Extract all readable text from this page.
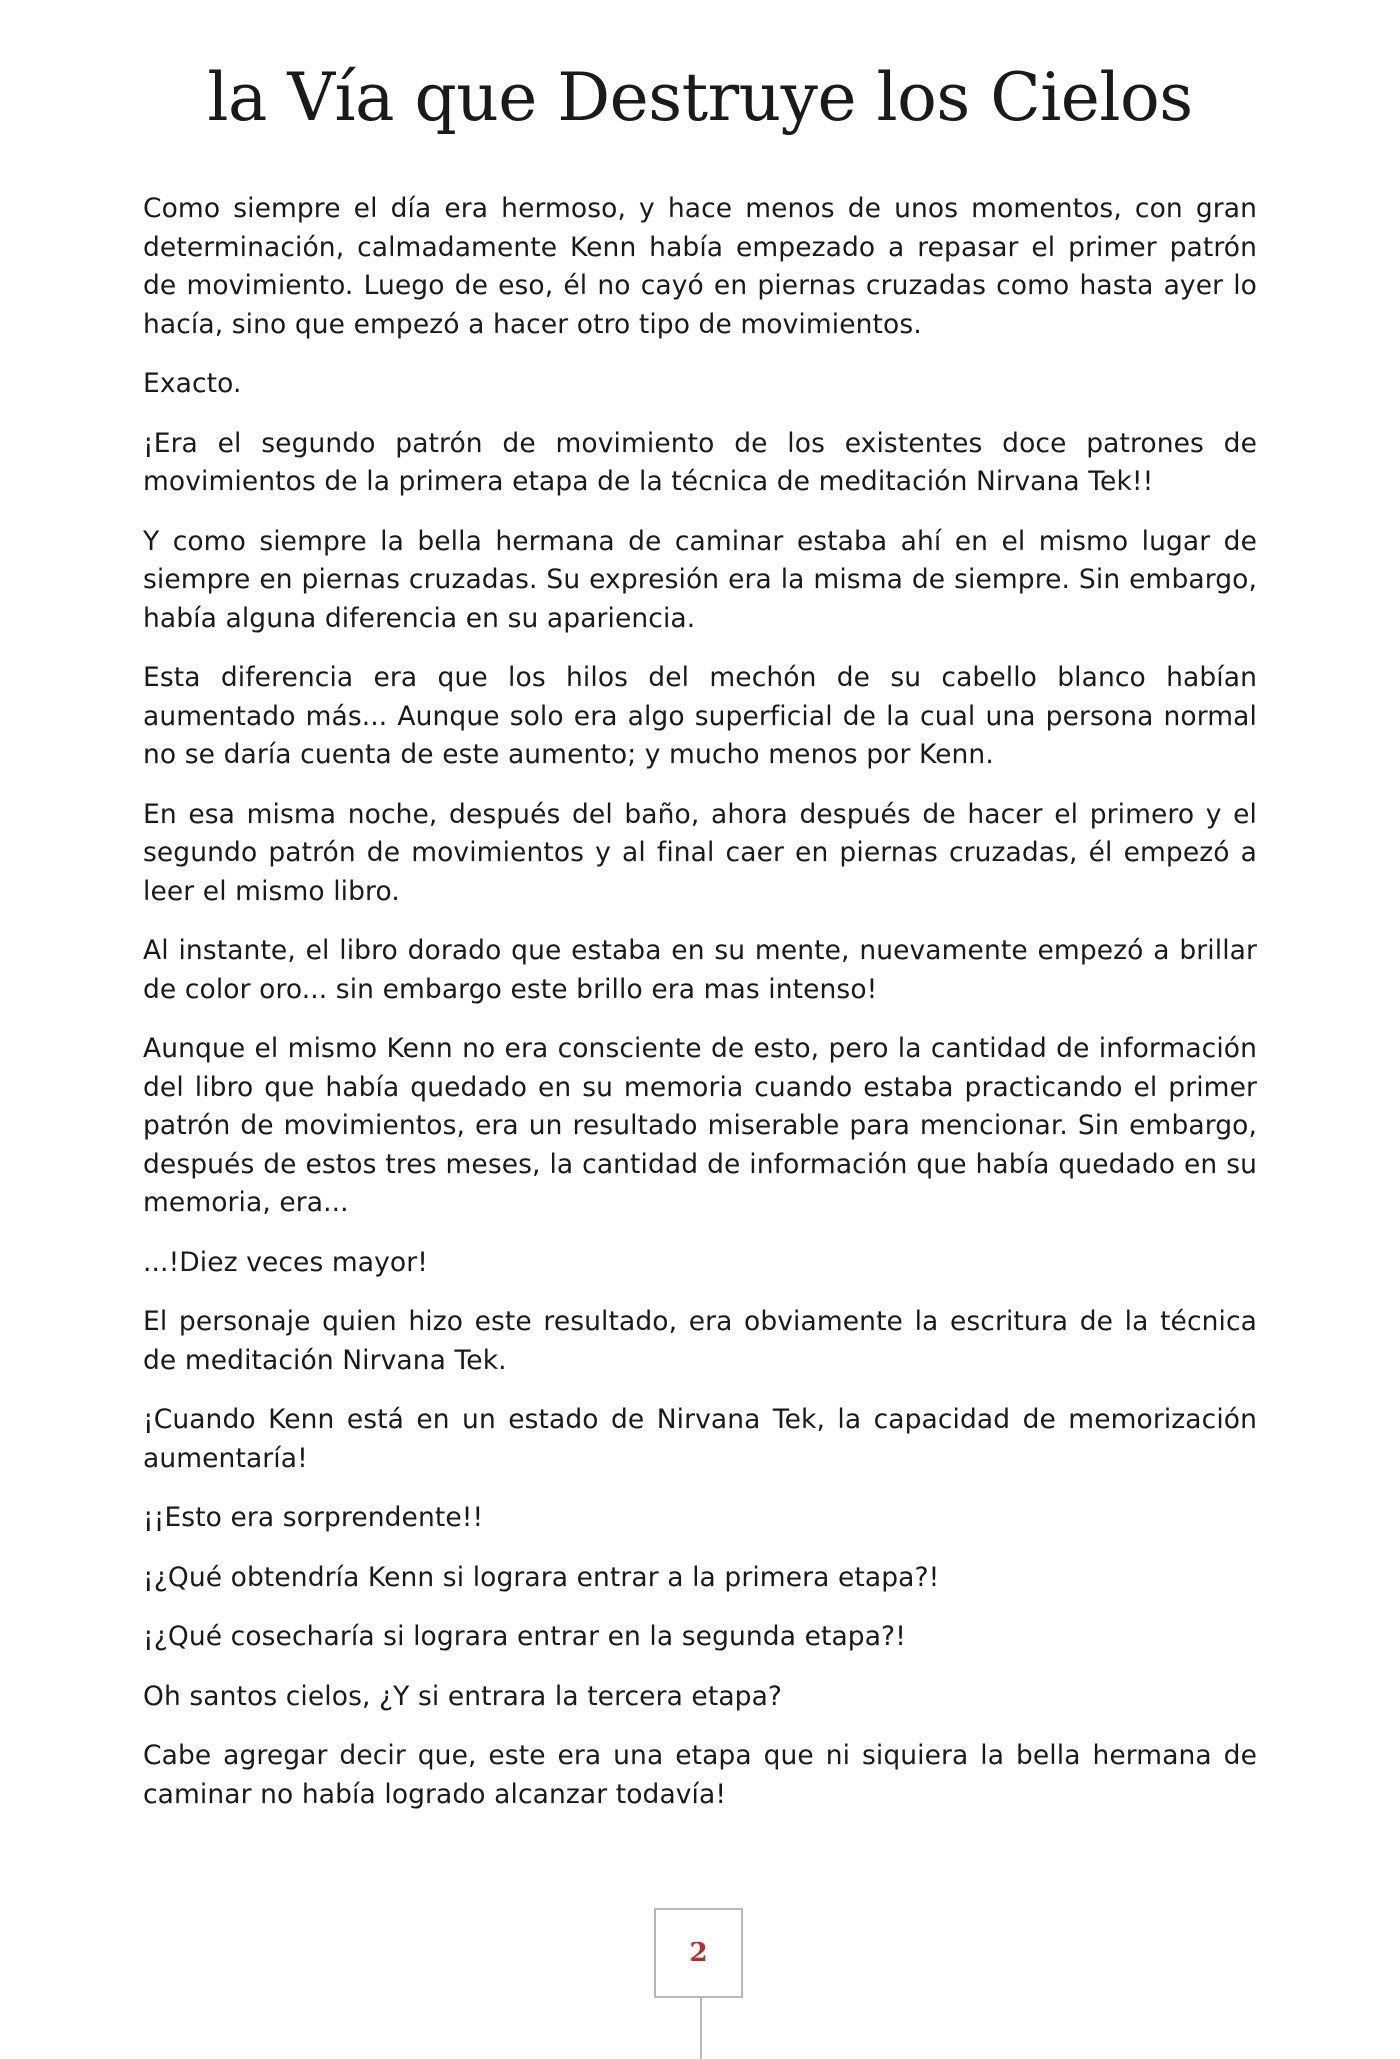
la Vía que Destruye los Cielos

Como siempre el día era hermoso, y hace menos de unos momentos, con gran determinación, calmadamente Kenn había empezado a repasar el primer patrón de movimiento. Luego de eso, él no cayó en piernas cruzadas como hasta ayer lo hacía, sino que empezó a hacer otro tipo de movimientos.

Exacto.

¡Era el segundo patrón de movimiento de los existentes doce patrones de movimientos de la primera etapa de la técnica de meditación Nirvana Tek!!

Y como siempre la bella hermana de caminar estaba ahí en el mismo lugar de siempre en piernas cruzadas. Su expresión era la misma de siempre. Sin embargo, había alguna diferencia en su apariencia.

Esta diferencia era que los hilos del mechón de su cabello blanco habían aumentado más... Aunque solo era algo superficial de la cual una persona normal no se daría cuenta de este aumento; y mucho menos por Kenn.

En esa misma noche, después del baño, ahora después de hacer el primero y el segundo patrón de movimientos y al final caer en piernas cruzadas, él empezó a leer el mismo libro.

Al instante, el libro dorado que estaba en su mente, nuevamente empezó a brillar de color oro... sin embargo este brillo era mas intenso!

Aunque el mismo Kenn no era consciente de esto, pero la cantidad de información del libro que había quedado en su memoria cuando estaba practicando el primer patrón de movimientos, era un resultado miserable para mencionar. Sin embargo, después de estos tres meses, la cantidad de información que había quedado en su memoria, era...

...!Diez veces mayor!

El personaje quien hizo este resultado, era obviamente la escritura de la técnica de meditación Nirvana Tek.

¡Cuando Kenn está en un estado de Nirvana Tek, la capacidad de memorización aumentaría!

¡¡Esto era sorprendente!!

¡¿Qué obtendría Kenn si lograra entrar a la primera etapa?!

¡¿Qué cosecharía si lograra entrar en la segunda etapa?!

Oh santos cielos, ¿Y si entrara la tercera etapa?

Cabe agregar decir que, este era una etapa que ni siquiera la bella hermana de caminar no había logrado alcanzar todavía!

2
